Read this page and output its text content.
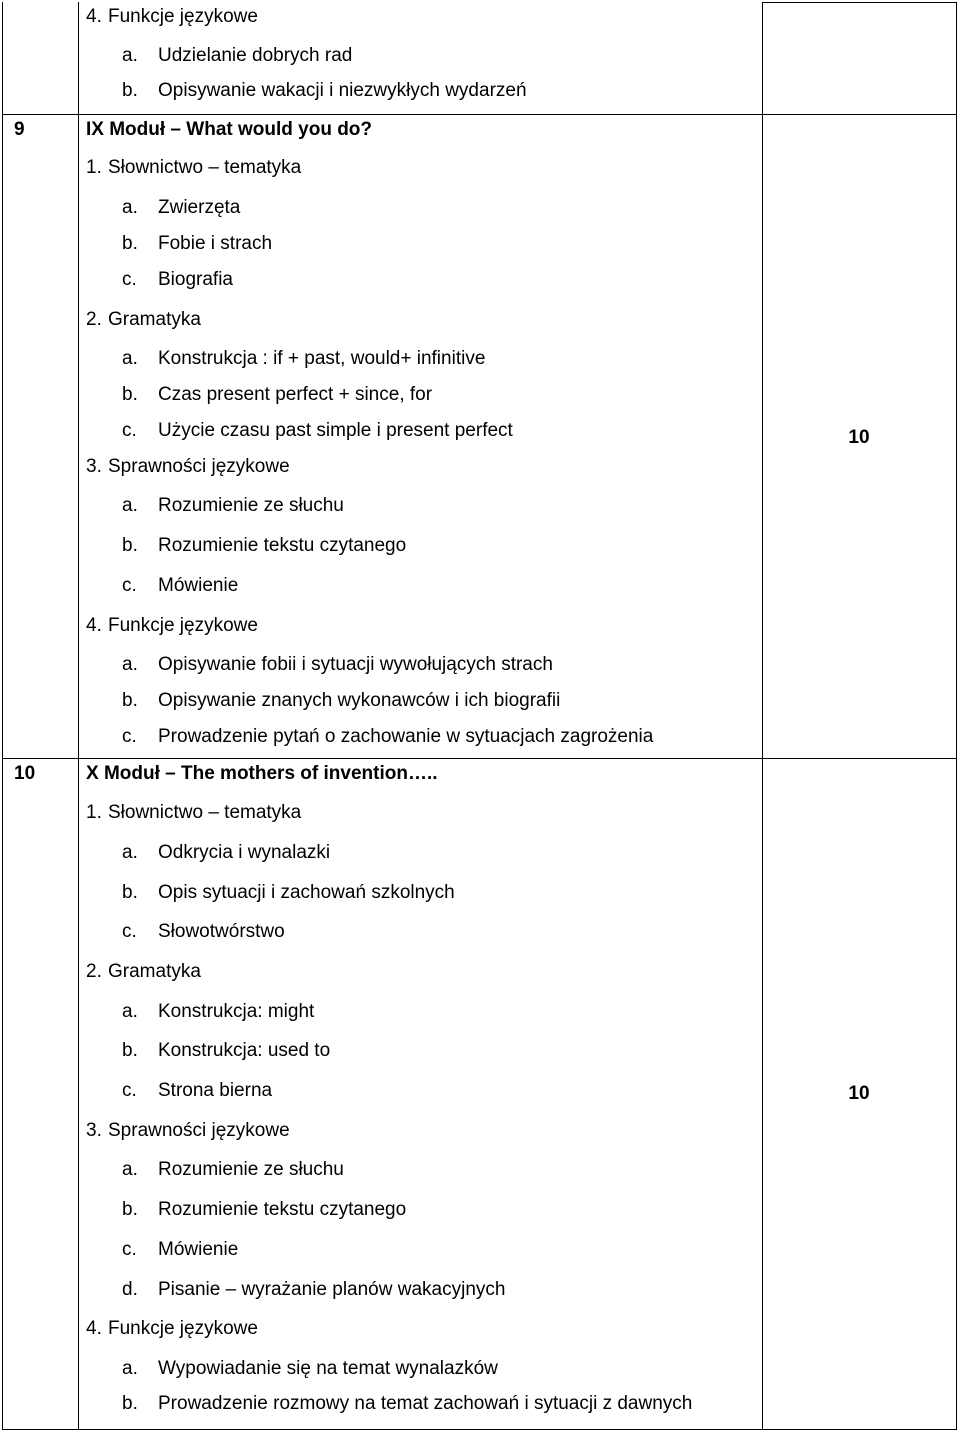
4. Funkcje językowe
a. Udzielanie dobrych rad
b. Opisywanie wakacji i niezwykłych wydarzeń
9	IX Moduł – What would you do?
1. Słownictwo – tematyka
a. Zwierzęta
b. Fobie i strach
c. Biografia
2. Gramatyka
a. Konstrukcja : if + past, would+ infinitive
b. Czas present perfect + since, for
c. Użycie czasu past simple i present perfect
3. Sprawności językowe
a. Rozumienie ze słuchu
b. Rozumienie tekstu czytanego
c. Mówienie
4. Funkcje językowe
a. Opisywanie fobii i sytuacji wywołujących strach
b. Opisywanie znanych wykonawców i ich biografii
c. Prowadzenie pytań o zachowanie w sytuacjach zagrożenia
10
10	X Moduł – The mothers of invention…..
1. Słownictwo – tematyka
a. Odkrycia i wynalazki
b. Opis sytuacji i zachowań szkolnych
c. Słowotwórstwo
2. Gramatyka
a. Konstrukcja: might
b. Konstrukcja: used to
c. Strona bierna
3. Sprawności językowe
a. Rozumienie ze słuchu
b. Rozumienie tekstu czytanego
c. Mówienie
d. Pisanie – wyrażanie planów wakacyjnych
4. Funkcje językowe
a. Wypowiadanie się na temat wynalazków
b. Prowadzenie rozmowy na temat zachowań i sytuacji z dawnych
10
